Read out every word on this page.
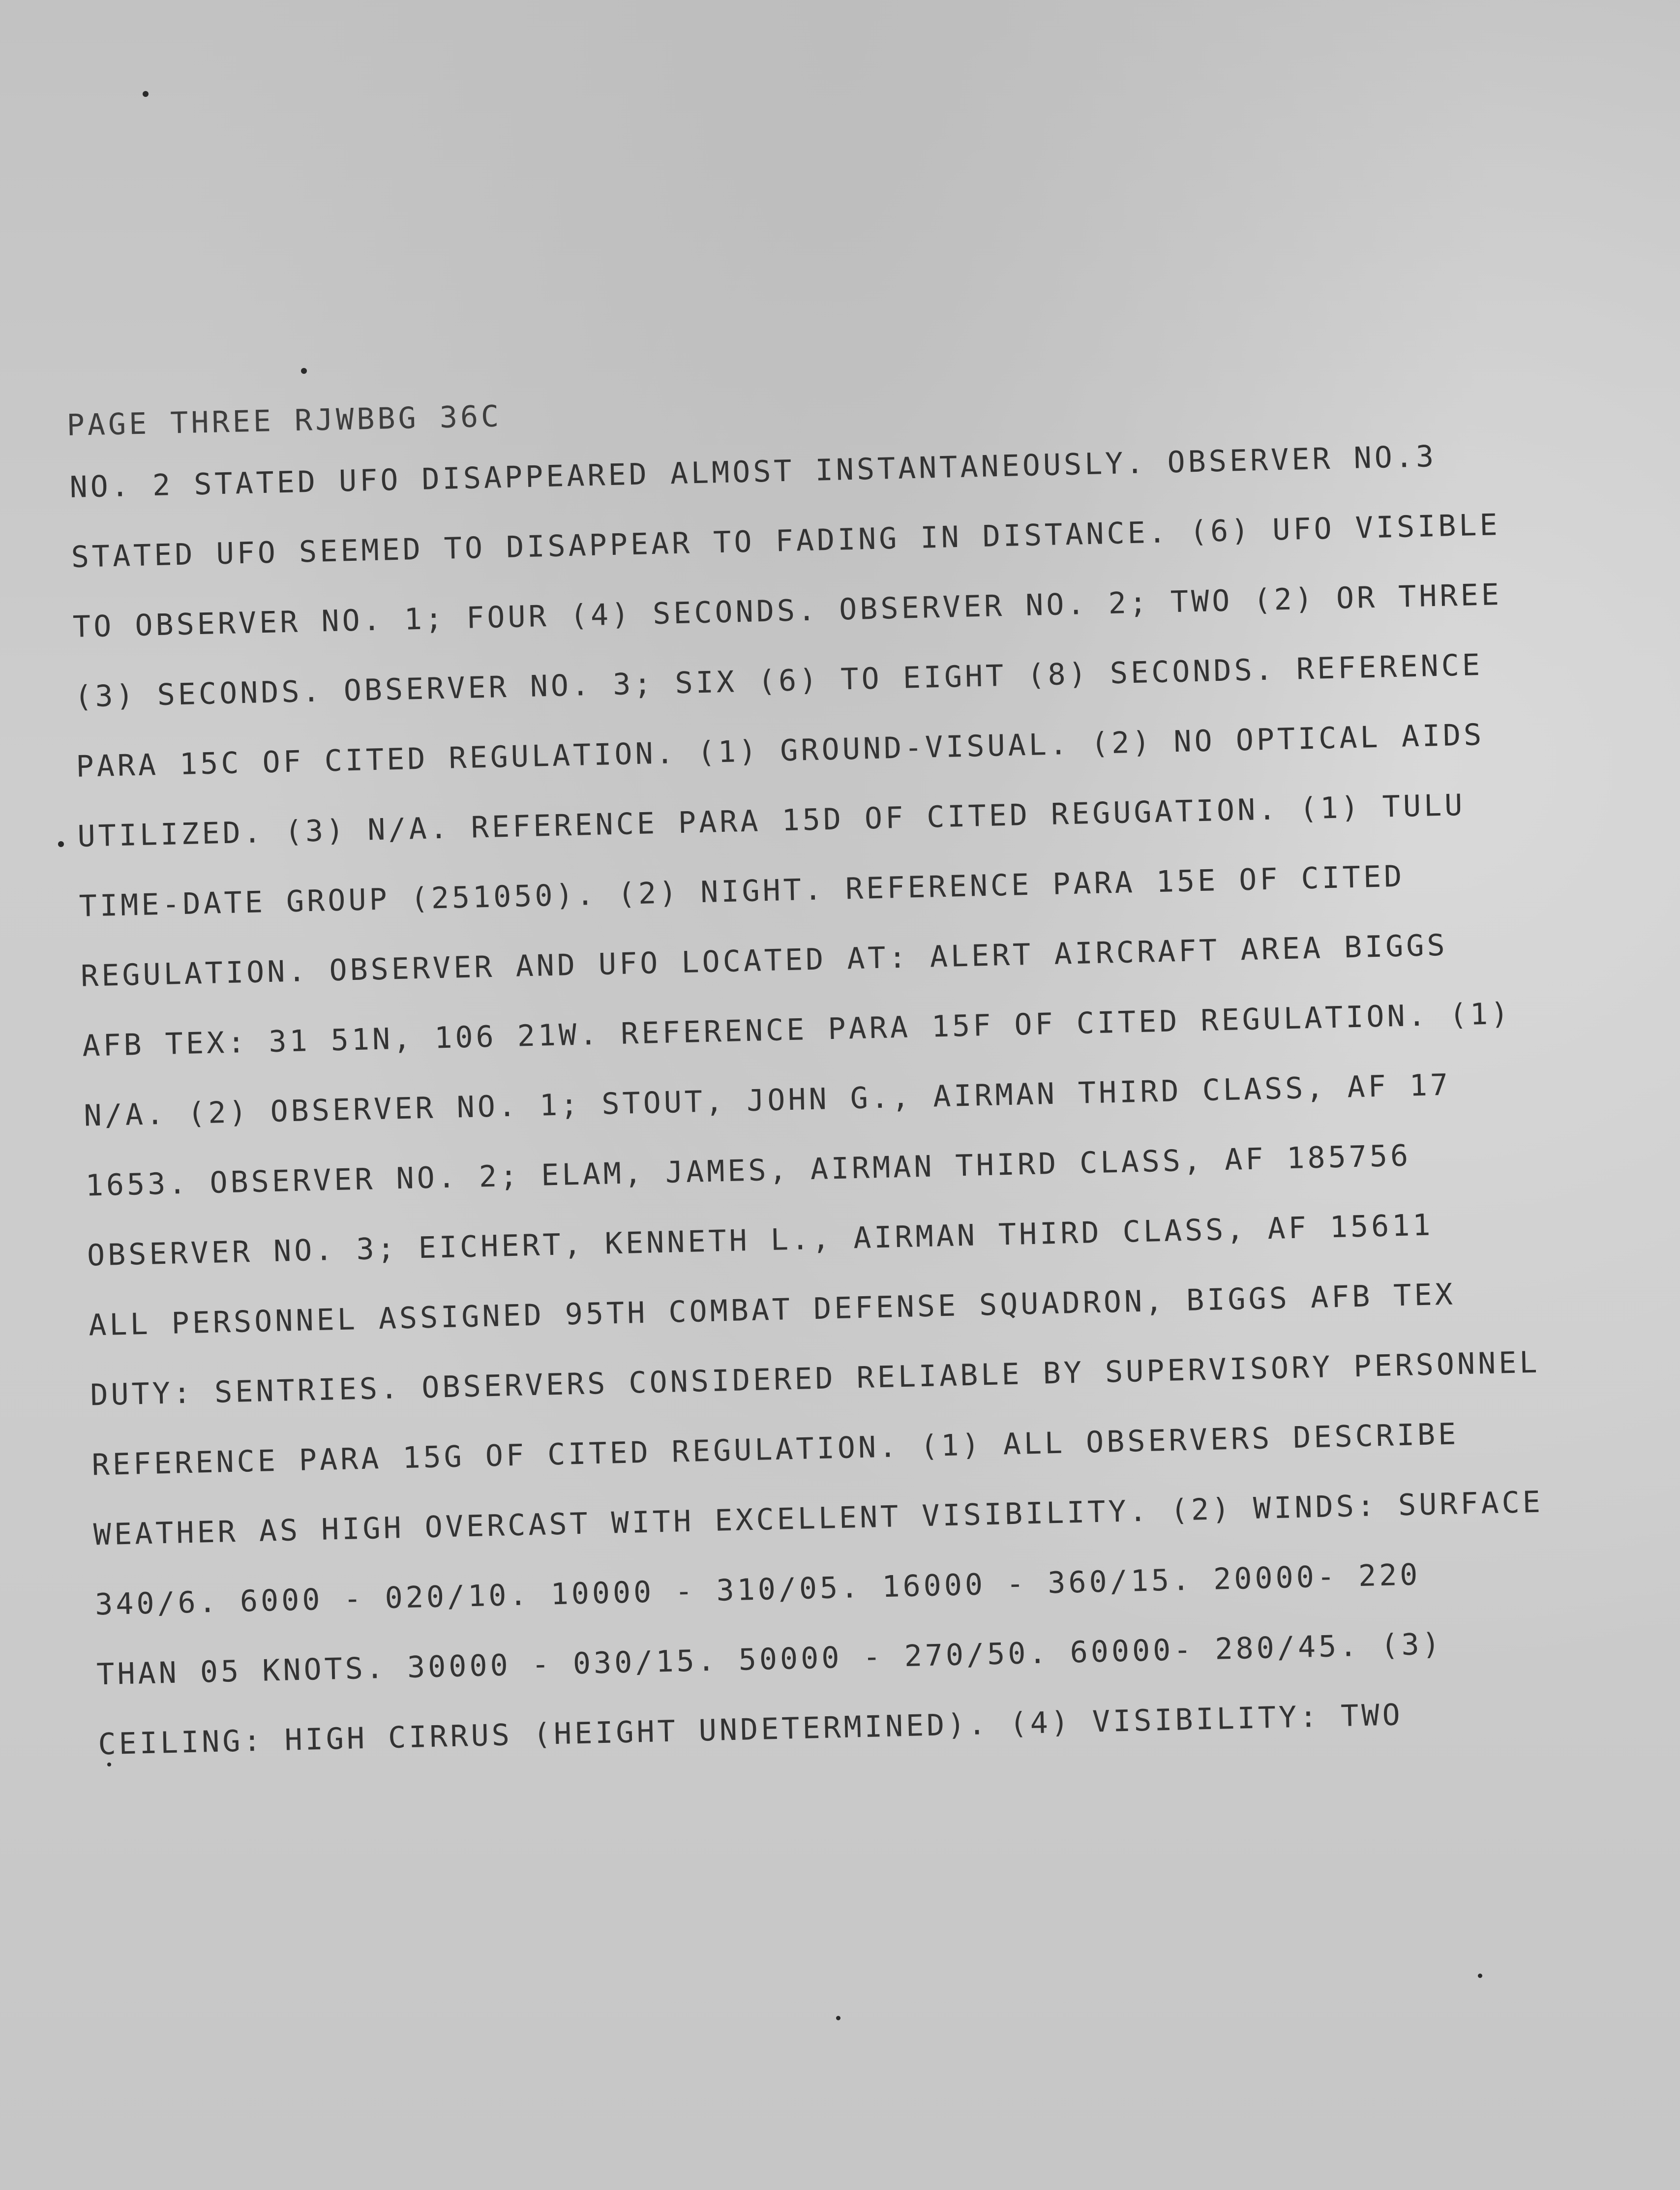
PAGE THREE RJWBBG 36C
NO. 2 STATED UFO DISAPPEARED ALMOST INSTANTANEOUSLY. OBSERVER NO.3
STATED UFO SEEMED TO DISAPPEAR TO FADING IN DISTANCE. (6) UFO VISIBLE
TO OBSERVER NO. 1; FOUR (4) SECONDS. OBSERVER NO. 2; TWO (2) OR THREE
(3) SECONDS. OBSERVER NO. 3; SIX (6) TO EIGHT (8) SECONDS. REFERENCE
PARA 15C OF CITED REGULATION. (1) GROUND-VISUAL. (2) NO OPTICAL AIDS
UTILIZED. (3) N/A. REFERENCE PARA 15D OF CITED REGUGATION. (1) TULU
TIME-DATE GROUP (251050). (2) NIGHT. REFERENCE PARA 15E OF CITED
REGULATION. OBSERVER AND UFO LOCATED AT: ALERT AIRCRAFT AREA BIGGS
AFB TEX: 31 51N, 106 21W. REFERENCE PARA 15F OF CITED REGULATION. (1)
N/A. (2) OBSERVER NO. 1; STOUT, JOHN G., AIRMAN THIRD CLASS, AF 17
1653. OBSERVER NO. 2; ELAM, JAMES, AIRMAN THIRD CLASS, AF 185756
OBSERVER NO. 3; EICHERT, KENNETH L., AIRMAN THIRD CLASS, AF 15611
ALL PERSONNEL ASSIGNED 95TH COMBAT DEFENSE SQUADRON, BIGGS AFB TEX
DUTY: SENTRIES. OBSERVERS CONSIDERED RELIABLE BY SUPERVISORY PERSONNEL
REFERENCE PARA 15G OF CITED REGULATION. (1) ALL OBSERVERS DESCRIBE
WEATHER AS HIGH OVERCAST WITH EXCELLENT VISIBILITY. (2) WINDS: SURFACE
340/6. 6000 - 020/10. 10000 - 310/05. 16000 - 360/15. 20000- 220
THAN 05 KNOTS. 30000 - 030/15. 50000 - 270/50. 60000- 280/45. (3)
CEILING: HIGH CIRRUS (HEIGHT UNDETERMINED). (4) VISIBILITY: TWO
